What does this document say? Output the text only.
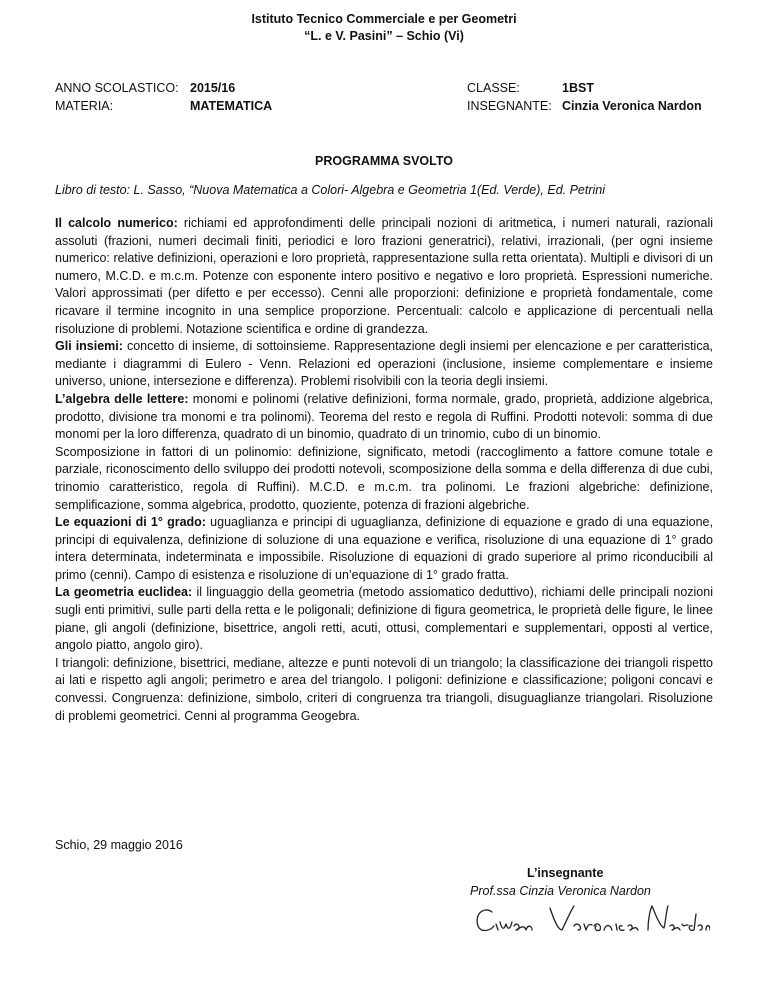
Istituto Tecnico Commerciale e per Geometri
“L. e V. Pasini” – Schio (Vi)
ANNO SCOLASTICO: 2015/16
MATERIA:	MATEMATICA
CLASSE:	1BST
INSEGNANTE: Cinzia Veronica Nardon
PROGRAMMA SVOLTO
Libro di testo: L. Sasso, “Nuova Matematica a Colori- Algebra e Geometria 1(Ed. Verde), Ed. Petrini

Il calcolo numerico: richiami ed approfondimenti delle principali nozioni di aritmetica, i numeri naturali, razionali assoluti (frazioni, numeri decimali finiti, periodici e loro frazioni generatrici), relativi, irrazionali, (per ogni insieme numerico: relative definizioni, operazioni e loro proprietà, rappresentazione sulla retta orientata). Multipli e divisori di un numero, M.C.D. e m.c.m. Potenze con esponente intero positivo e negativo e loro proprietà. Espressioni numeriche. Valori approssimati (per difetto e per eccesso). Cenni alle proporzioni: definizione e proprietà fondamentale, come ricavare il termine incognito in una semplice proporzione. Percentuali: calcolo e applicazione di percentuali nella risoluzione di problemi. Notazione scientifica e ordine di grandezza.

Gli insiemi: concetto di insieme, di sottoinsieme. Rappresentazione degli insiemi per elencazione e per caratteristica, mediante i diagrammi di Eulero - Venn. Relazioni ed operazioni (inclusione, insieme complementare e insieme universo, unione, intersezione e differenza). Problemi risolvibili con la teoria degli insiemi.

L’algebra delle lettere: monomi e polinomi (relative definizioni, forma normale, grado, proprietà, addizione algebrica, prodotto, divisione tra monomi e tra polinomi). Teorema del resto e regola di Ruffini. Prodotti notevoli: somma di due monomi per la loro differenza, quadrato di un binomio, quadrato di un trinomio, cubo di un binomio.

Scomposizione in fattori di un polinomio: definizione, significato, metodi (raccoglimento a fattore comune totale e parziale, riconoscimento dello sviluppo dei prodotti notevoli, scomposizione della somma e della differenza di due cubi, trinomio caratteristico, regola di Ruffini). M.C.D. e m.c.m. tra polinomi. Le frazioni algebriche: definizione, semplificazione, somma algebrica, prodotto, quoziente, potenza di frazioni algebriche.

Le equazioni di 1° grado: uguaglianza e principi di uguaglianza, definizione di equazione e grado di una equazione, principi di equivalenza, definizione di soluzione di una equazione e verifica, risoluzione di una equazione di 1° grado intera determinata, indeterminata e impossibile. Risoluzione di equazioni di grado superiore al primo riconducibili al primo (cenni). Campo di esistenza e risoluzione di un’equazione di 1° grado fratta.

La geometria euclidea: il linguaggio della geometria (metodo assiomatico deduttivo), richiami delle principali nozioni sugli enti primitivi, sulle parti della retta e le poligonali; definizione di figura geometrica, le proprietà delle figure, le linee piane, gli angoli (definizione, bisettrice, angoli retti, acuti, ottusi, complementari e supplementari, opposti al vertice, angolo piatto, angolo giro).

I triangoli: definizione, bisettrici, mediane, altezze e punti notevoli di un triangolo; la classificazione dei triangoli rispetto ai lati e rispetto agli angoli; perimetro e area del triangolo. I poligoni: definizione e classificazione; poligoni concavi e convessi. Congruenza: definizione, simbolo, criteri di congruenza tra triangoli, disuguaglianze triangolari. Risoluzione di problemi geometrici. Cenni al programma Geogebra.

Schio, 29 maggio 2016
L’insegnante
Prof.ssa Cinzia Veronica Nardon
